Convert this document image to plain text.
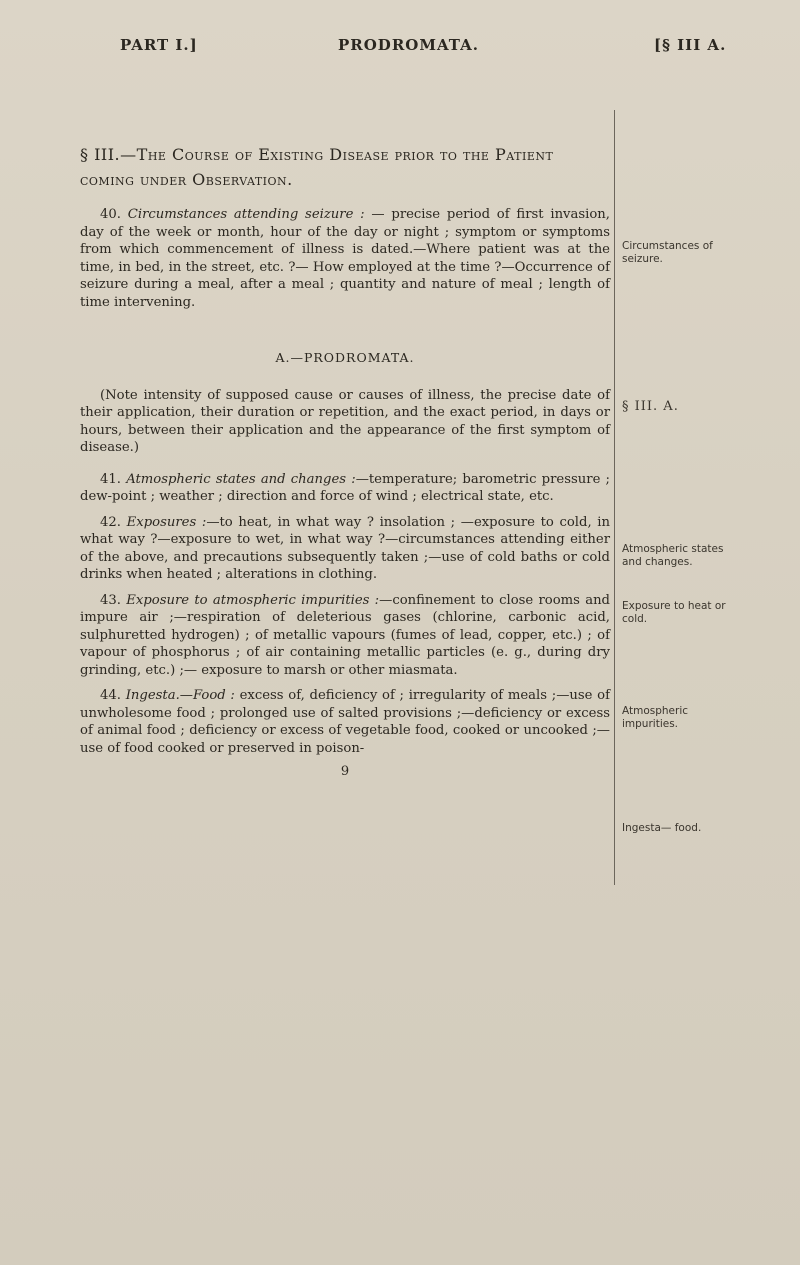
PART I.]	PRODROMATA.	[§ III A.
§ III.—The Course of Existing Disease prior to the Patient coming under Observation.

40. Circumstances attending seizure : — precise period of first invasion, day of the week or month, hour of the day or night ; symptom or symptoms from which commencement of illness is dated.—Where patient was at the time, in bed, in the street, etc. ?— How employed at the time ?—Occurrence of seizure during a meal, after a meal ; quantity and nature of meal ; length of time intervening.

A.—PRODROMATA.

(Note intensity of supposed cause or causes of illness, the precise date of their application, their duration or repetition, and the exact period, in days or hours, between their application and the appearance of the first symptom of disease.)

41. Atmospheric states and changes :—temperature; barometric pressure ; dew-point ; weather ; direction and force of wind ; electrical state, etc.

42. Exposures :—to heat, in what way ? insolation ; —exposure to cold, in what way ?—exposure to wet, in what way ?—circumstances attending either of the above, and precautions subsequently taken ;—use of cold baths or cold drinks when heated ; alterations in clothing.

43. Exposure to atmospheric impurities :—confinement to close rooms and impure air ;—respiration of deleterious gases (chlorine, carbonic acid, sulphuretted hydrogen) ; of metallic vapours (fumes of lead, copper, etc.) ; of vapour of phosphorus ; of air containing metallic particles (e. g., during dry grinding, etc.) ;— exposure to marsh or other miasmata.

44. Ingesta.—Food : excess of, deficiency of ; irregularity of meals ;—use of unwholesome food ; prolonged use of salted provisions ;—deficiency or excess of animal food ; deficiency or excess of vegetable food, cooked or uncooked ;—use of food cooked or preserved in poison-

9
Circumstances of seizure.
§ III. A.
Atmospheric states and changes.
Exposure to heat or cold.
Atmospheric impurities.
Ingesta— food.
